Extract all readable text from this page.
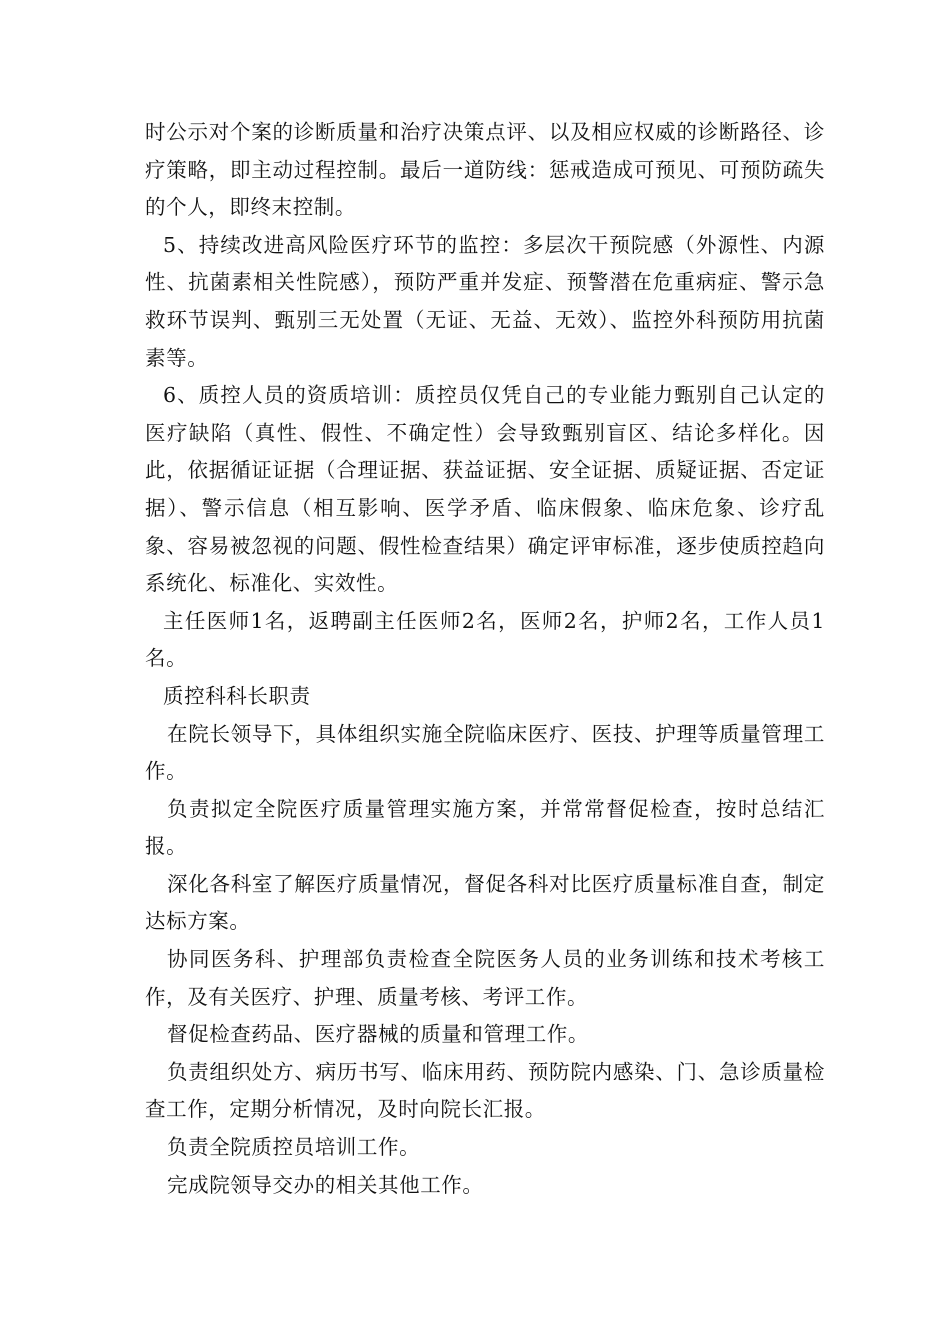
时公示对个案的诊断质量和治疗决策点评、以及相应权威的诊断路径、诊疗策略，即主动过程控制。最后一道防线：惩戒造成可预见、可预防疏失的个人，即终末控制。

5、持续改进高风险医疗环节的监控：多层次干预院感（外源性、内源性、抗菌素相关性院感），预防严重并发症、预警潜在危重病症、警示急救环节误判、甄别三无处置（无证、无益、无效）、监控外科预防用抗菌素等。

6、质控人员的资质培训：质控员仅凭自己的专业能力甄别自己认定的医疗缺陷（真性、假性、不确定性）会导致甄别盲区、结论多样化。因此，依据循证证据（合理证据、获益证据、安全证据、质疑证据、否定证据）、警示信息（相互影响、医学矛盾、临床假象、临床危象、诊疗乱象、容易被忽视的问题、假性检查结果）确定评审标准，逐步使质控趋向系统化、标准化、实效性。

主任医师1名，返聘副主任医师2名，医师2名，护师2名，工作人员1名。

质控科科长职责

在院长领导下，具体组织实施全院临床医疗、医技、护理等质量管理工作。

负责拟定全院医疗质量管理实施方案，并常常督促检查，按时总结汇报。

深化各科室了解医疗质量情况，督促各科对比医疗质量标准自查，制定达标方案。

协同医务科、护理部负责检查全院医务人员的业务训练和技术考核工作，及有关医疗、护理、质量考核、考评工作。

督促检查药品、医疗器械的质量和管理工作。

负责组织处方、病历书写、临床用药、预防院内感染、门、急诊质量检查工作，定期分析情况，及时向院长汇报。

负责全院质控员培训工作。

完成院领导交办的相关其他工作。
